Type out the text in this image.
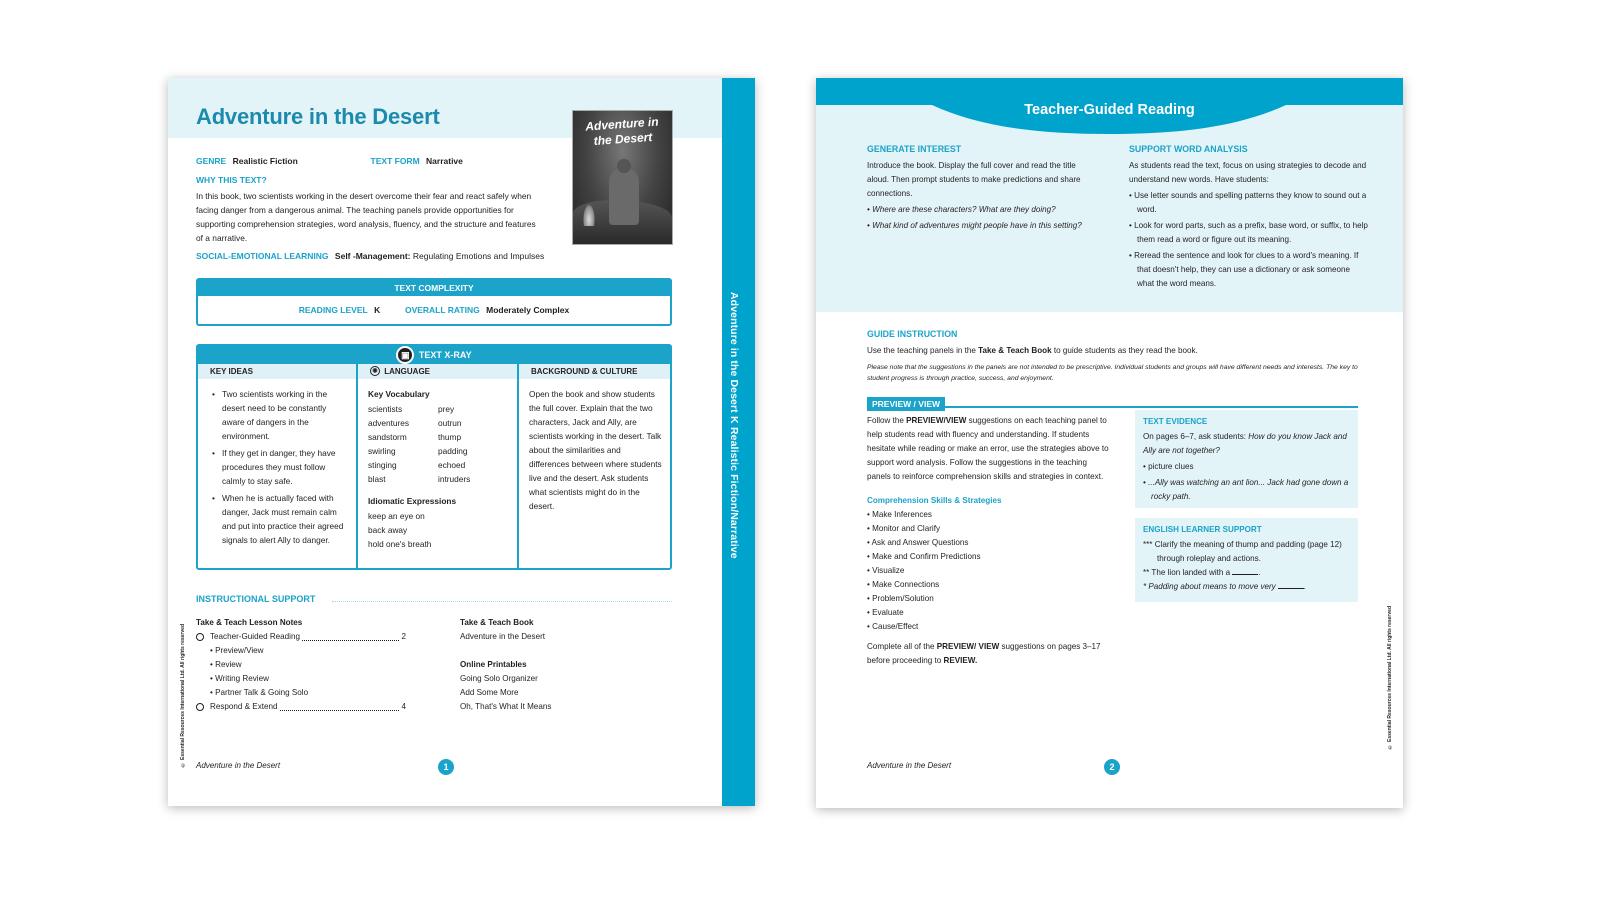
Adventure in the Desert	Adventure in
the Desert
GENRE Realistic Fiction	TEXT FORM Narrative
WHY THIS TEXT?
In this book, two scientists working in the desert overcome their fear and react safely when facing danger from a dangerous animal. The teaching panels provide opportunities for supporting comprehension strategies, word analysis, fluency, and the structure and features of a narrative.
SOCIAL-EMOTIONAL LEARNING Self -Management: Regulating Emotions and Impulses
TEXT COMPLEXITY
READING LEVEL K	OVERALL RATING Moderately Complex
▣ TEXT X-RAY
KEY IDEAS
• Two scientists working in the desert need to be constantly aware of dangers in the environment.
• If they get in danger, they have procedures they must follow calmly to stay safe.
• When he is actually faced with danger, Jack must remain calm and put into practice their agreed signals to alert Ally to danger.
◉ LANGUAGE
Key Vocabulary
scientists	prey
adventures	outrun
sandstorm	thump
swirling	padding
stinging	echoed
blast	intruders
Idiomatic Expressions
keep an eye on
back away
hold one's breath
BACKGROUND & CULTURE
Open the book and show students the full cover. Explain that the two characters, Jack and Ally, are scientists working in the desert. Talk about the similarities and differences between where students live and the desert. Ask students what scientists might do in the desert.
INSTRUCTIONAL SUPPORT
Take & Teach Lesson Notes
Teacher-Guided Reading	2
• Preview/View
• Review
• Writing Review
• Partner Talk & Going Solo
Respond & Extend	4
Take & Teach Book
Adventure in the Desert
Online Printables
Going Solo Organizer
Add Some More
Oh, That's What It Means
© Essential Resources International Ltd. All rights reserved Adventure in the Desert	1
Adventure in the Desert K Realistic Fiction/Narrative
Teacher-Guided Reading
GENERATE INTEREST
Introduce the book. Display the full cover and read the title aloud. Then prompt students to make predictions and share connections.
• Where are these characters? What are they doing?
• What kind of adventures might people have in this setting?
SUPPORT WORD ANALYSIS
As students read the text, focus on using strategies to decode and understand new words. Have students:
• Use letter sounds and spelling patterns they know to sound out a word.
• Look for word parts, such as a prefix, base word, or suffix, to help them read a word or figure out its meaning.
• Reread the sentence and look for clues to a word's meaning. If that doesn't help, they can use a dictionary or ask someone what the word means.
GUIDE INSTRUCTION
Use the teaching panels in the Take & Teach Book to guide students as they read the book.
Please note that the suggestions in the panels are not intended to be prescriptive. Individual students and groups will have different needs and interests. The key to student progress is through practice, success, and enjoyment.
PREVIEW / VIEW
Follow the PREVIEW/VIEW suggestions on each teaching panel to help students read with fluency and understanding. If students hesitate while reading or make an error, use the strategies above to support word analysis. Follow the suggestions in the teaching panels to reinforce comprehension skills and strategies in context.
Comprehension Skills & Strategies
• Make Inferences
• Monitor and Clarify
• Ask and Answer Questions
• Make and Confirm Predictions
• Visualize
• Make Connections
• Problem/Solution
• Evaluate
• Cause/Effect
Complete all of the PREVIEW/ VIEW suggestions on pages 3–17 before proceeding to REVIEW.
TEXT EVIDENCE
On pages 6–7, ask students: How do you know Jack and Ally are not together?
• picture clues
• ...Ally was watching an ant lion... Jack had gone down a rocky path.
ENGLISH LEARNER SUPPORT
*** Clarify the meaning of thump and padding (page 12) through roleplay and actions.
** The lion landed with a	.
* Padding about means to move very	.
© Essential Resources International Ltd. All rights reserved
Adventure in the Desert	2
